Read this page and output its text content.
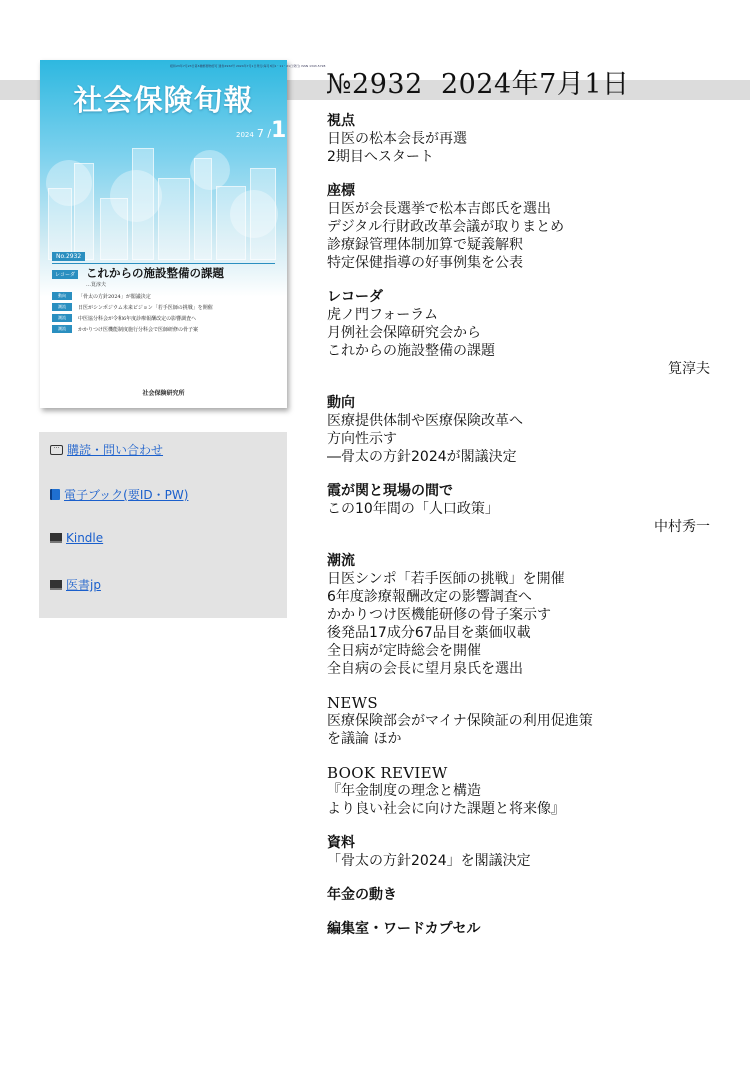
昭和23年7月23日第3種郵便物認可 通巻2932号 2024年7月1日発行(毎月3回1・11・21日発行) ISSN 1343-5728
社会保険旬報
2024 7 /1
No.2932
レコーダ これからの施設整備の課題
…筧淳夫
動向	「骨太の方針2024」が閣議決定
潮流	日医がシンポジウム未来ビジョン「若手医師の挑戦」を開催
潮流	中医協分科会が令和6年度診療報酬改定の影響調査へ
潮流	かかりつけ医機能制度施行分科会で医師研修の骨子案
社会保険研究所
··· 購読・問い合わせ
電子ブック(要ID・PW)
Kindle
医書jp
№2932 2024年7月1日
視点
日医の松本会長が再選
2期目へスタート
座標
日医が会長選挙で松本吉郎氏を選出
デジタル行財政改革会議が取りまとめ
診療録管理体制加算で疑義解釈
特定保健指導の好事例集を公表
レコーダ
虎ノ門フォーラム
月例社会保障研究会から
これからの施設整備の課題
筧淳夫
動向
医療提供体制や医療保険改革へ
方向性示す
―骨太の方針2024が閣議決定
霞が関と現場の間で
この10年間の「人口政策」
中村秀一
潮流
日医シンポ「若手医師の挑戦」を開催
6年度診療報酬改定の影響調査へ
かかりつけ医機能研修の骨子案示す
後発品17成分67品目を薬価収載
全日病が定時総会を開催
全自病の会長に望月泉氏を選出
NEWS
医療保険部会がマイナ保険証の利用促進策
を議論 ほか
BOOK REVIEW
『年金制度の理念と構造
より良い社会に向けた課題と将来像』
資料
「骨太の方針2024」を閣議決定
年金の動き
編集室・ワードカプセル
